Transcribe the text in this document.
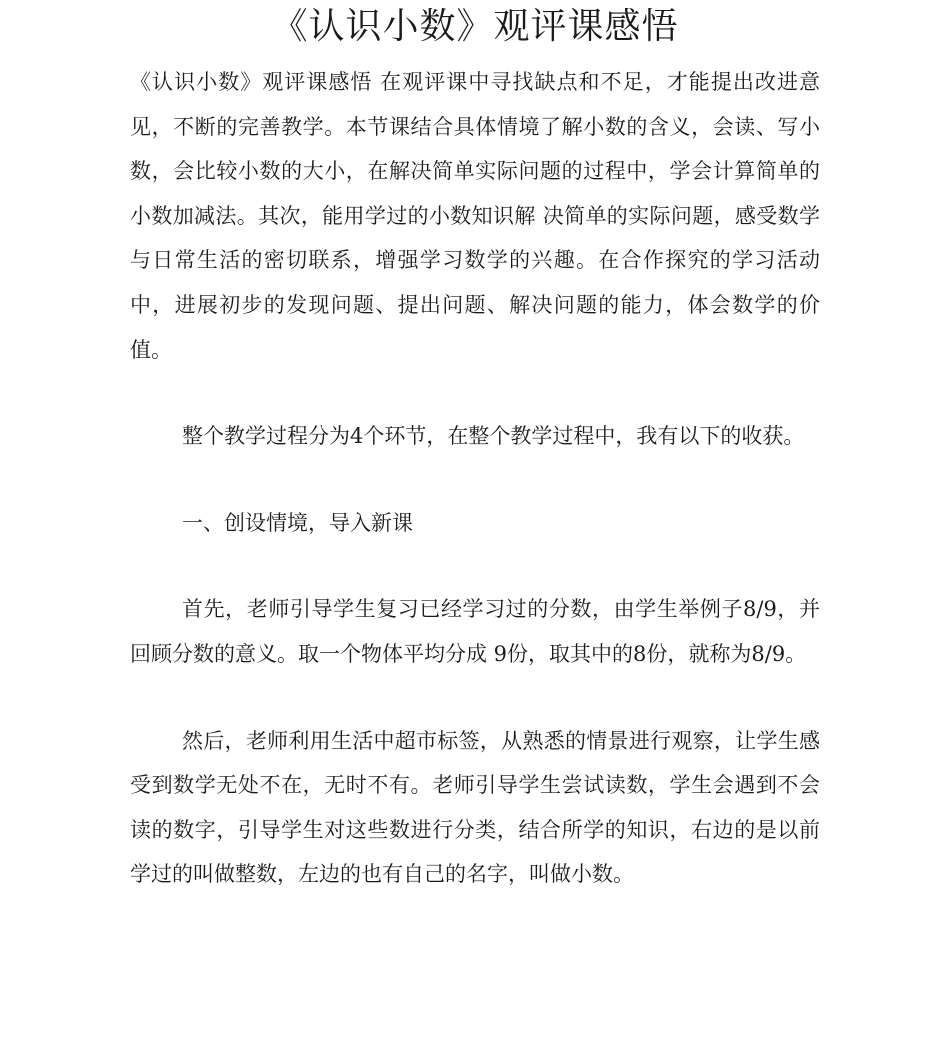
《认识小数》观评课感悟

《认识小数》观评课感悟 在观评课中寻找缺点和不足，才能提出改进意见，不断的完善教学。本节课结合具体情境了解小数的含义，会读、写小数，会比较小数的大小，在解决简单实际问题的过程中，学会计算简单的小数加减法。其次，能用学过的小数知识解 决简单的实际问题，感受数学与日常生活的密切联系，增强学习数学的兴趣。在合作探究的学习活动中，进展初步的发现问题、提出问题、解决问题的能力，体会数学的价值。

整个教学过程分为4个环节，在整个教学过程中，我有以下的收获。

一、创设情境，导入新课

首先，老师引导学生复习已经学习过的分数，由学生举例子8/9，并回顾分数的意义。取一个物体平均分成 9份，取其中的8份，就称为8/9。

然后，老师利用生活中超市标签，从熟悉的情景进行观察，让学生感受到数学无处不在，无时不有。老师引导学生尝试读数，学生会遇到不会读的数字，引导学生对这些数进行分类，结合所学的知识，右边的是以前学过的叫做整数，左边的也有自己的名字，叫做小数。
